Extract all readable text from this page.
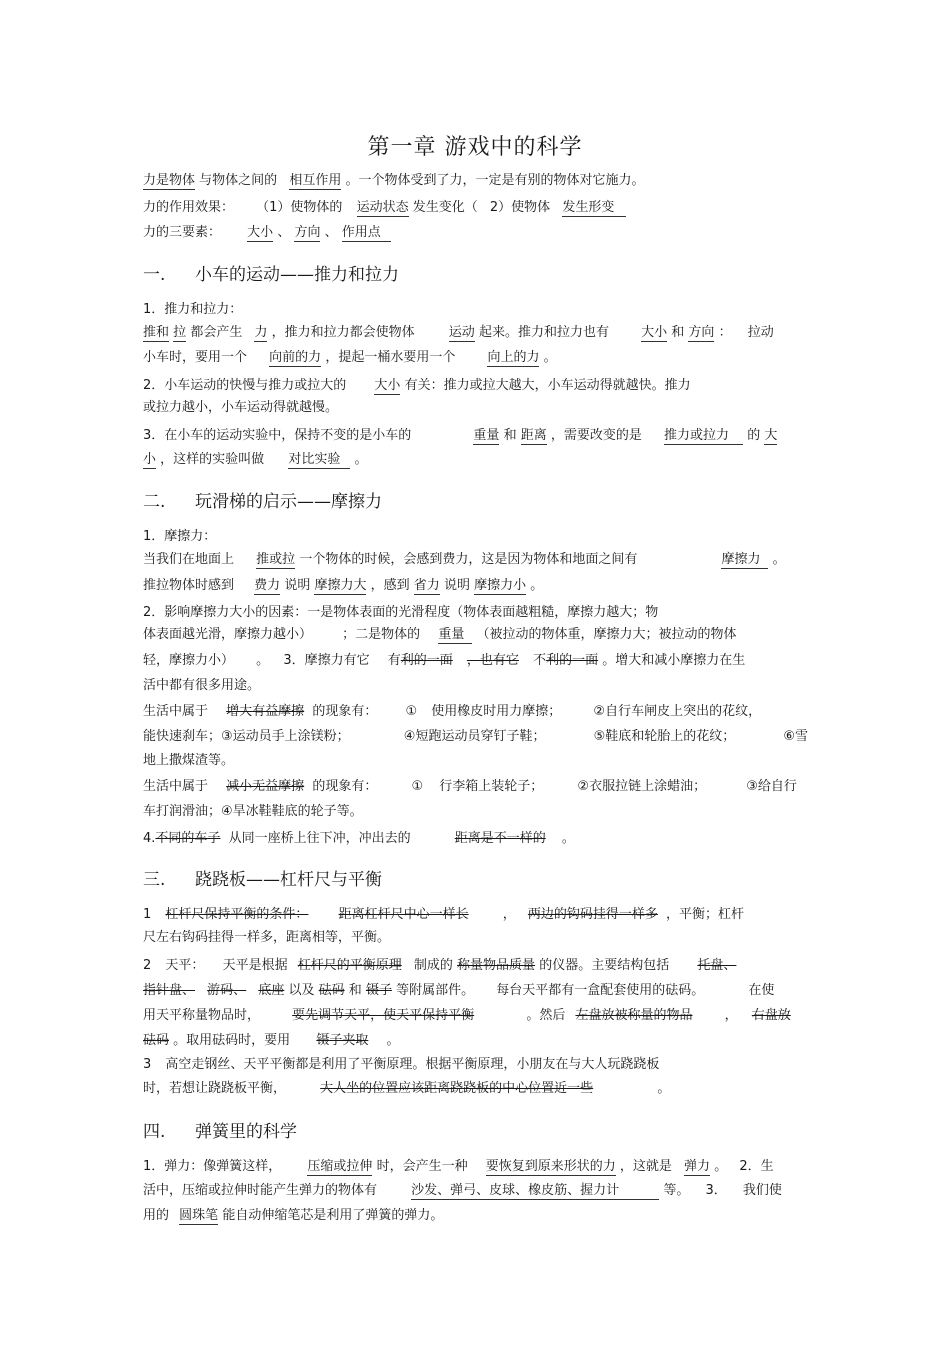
第一章 游戏中的科学
力是物体 与物体之间的 相互作用 。一个物体受到了力，一定是有别的物体对它施力。
力的作用效果： （1）使物体的 运动状态 发生变化（ 2）使物体 发生形变
力的三要素： 大小 、 方向 、 作用点
一. 小车的运动——推力和拉力
1．推力和拉力：
推和 拉 都会产生 力 ，推力和拉力都会使物体	运动 起来。推力和拉力也有 大小 和 方向 ： 拉动
小车时，要用一个 向前的力 ，提起一桶水要用一个 向上的力 。
2．小车运动的快慢与推力或拉大的 大小 有关：推力或拉大越大，小车运动得就越快。推力
或拉力越小，小车运动得就越慢。
3．在小车的运动实验中，保持不变的是小车的	重量 和 距离 ，需要改变的是 推力或拉力 的 大
小 ，这样的实验叫做 对比实验 。
二. 玩滑梯的启示——摩擦力
1．摩擦力：
当我们在地面上 推或拉 一个物体的时候，会感到费力，这是因为物体和地面之间有	摩擦力 。
推拉物体时感到 费力 说明 摩擦力大 ，感到 省力 说明 摩擦力小 。
2．影响摩擦力大小的因素：一是物体表面的光滑程度（物体表面越粗糙，摩擦力越大；物
体表面越光滑，摩擦力越小） ；二是物体的 重量 （被拉动的物体重，摩擦力大；被拉动的物体
轻，摩擦力小） 。 3．摩擦力有它 有利的一面 ，也有它 不利的一面 。增大和减小摩擦力在生
活中都有很多用途。
生活中属于 增大有益摩擦 的现象有： ① 使用橡皮时用力摩擦； ②自行车闸皮上突出的花纹，
能快速刹车；③运动员手上涂镁粉；	④短跑运动员穿钉子鞋；	⑤鞋底和轮胎上的花纹；	⑥雪
地上撒煤渣等。
生活中属于 减小无益摩擦 的现象有：	① 行李箱上装轮子；	②衣服拉链上涂蜡油；	③给自行
车打润滑油；④旱冰鞋鞋底的轮子等。
4.不同的车子 从同一座桥上往下冲，冲出去的	距离是不一样的 。
三. 跷跷板——杠杆尺与平衡
1 杠杆尺保持平衡的条件： 距离杠杆尺中心一样长	， 两边的钩码挂得一样多 ，平衡；杠杆
尺左右钩码挂得一样多，距离相等，平衡。
2 天平： 天平是根据 杠杆尺的平衡原理 制成的 称量物品质量 的仪器。主要结构包括 托盘、
指针盘、 游码、 底座 以及 砝码 和 镊子 等附属部件。 每台天平都有一盒配套使用的砝码。	在使
用天平称量物品时， 要先调节天平，使天平保持平衡	。然后 左盘放被称量的物品 ， 右盘放
砝码 。取用砝码时，要用 镊子夹取 。
3 高空走钢丝、天平平衡都是利用了平衡原理。根据平衡原理，小朋友在与大人玩跷跷板
时，若想让跷跷板平衡，	大人坐的位置应该距离跷跷板的中心位置近一些	。
四. 弹簧里的科学
1．弹力：像弹簧这样， 压缩或拉伸 时，会产生一种 要恢复到原来形状的力 ，这就是 弹力 。 2．生
活中，压缩或拉伸时能产生弹力的物体有	沙发、弹弓、皮球、橡皮筋、握力计	等。 3． 我们使
用的 圆珠笔 能自动伸缩笔芯是利用了弹簧的弹力。
